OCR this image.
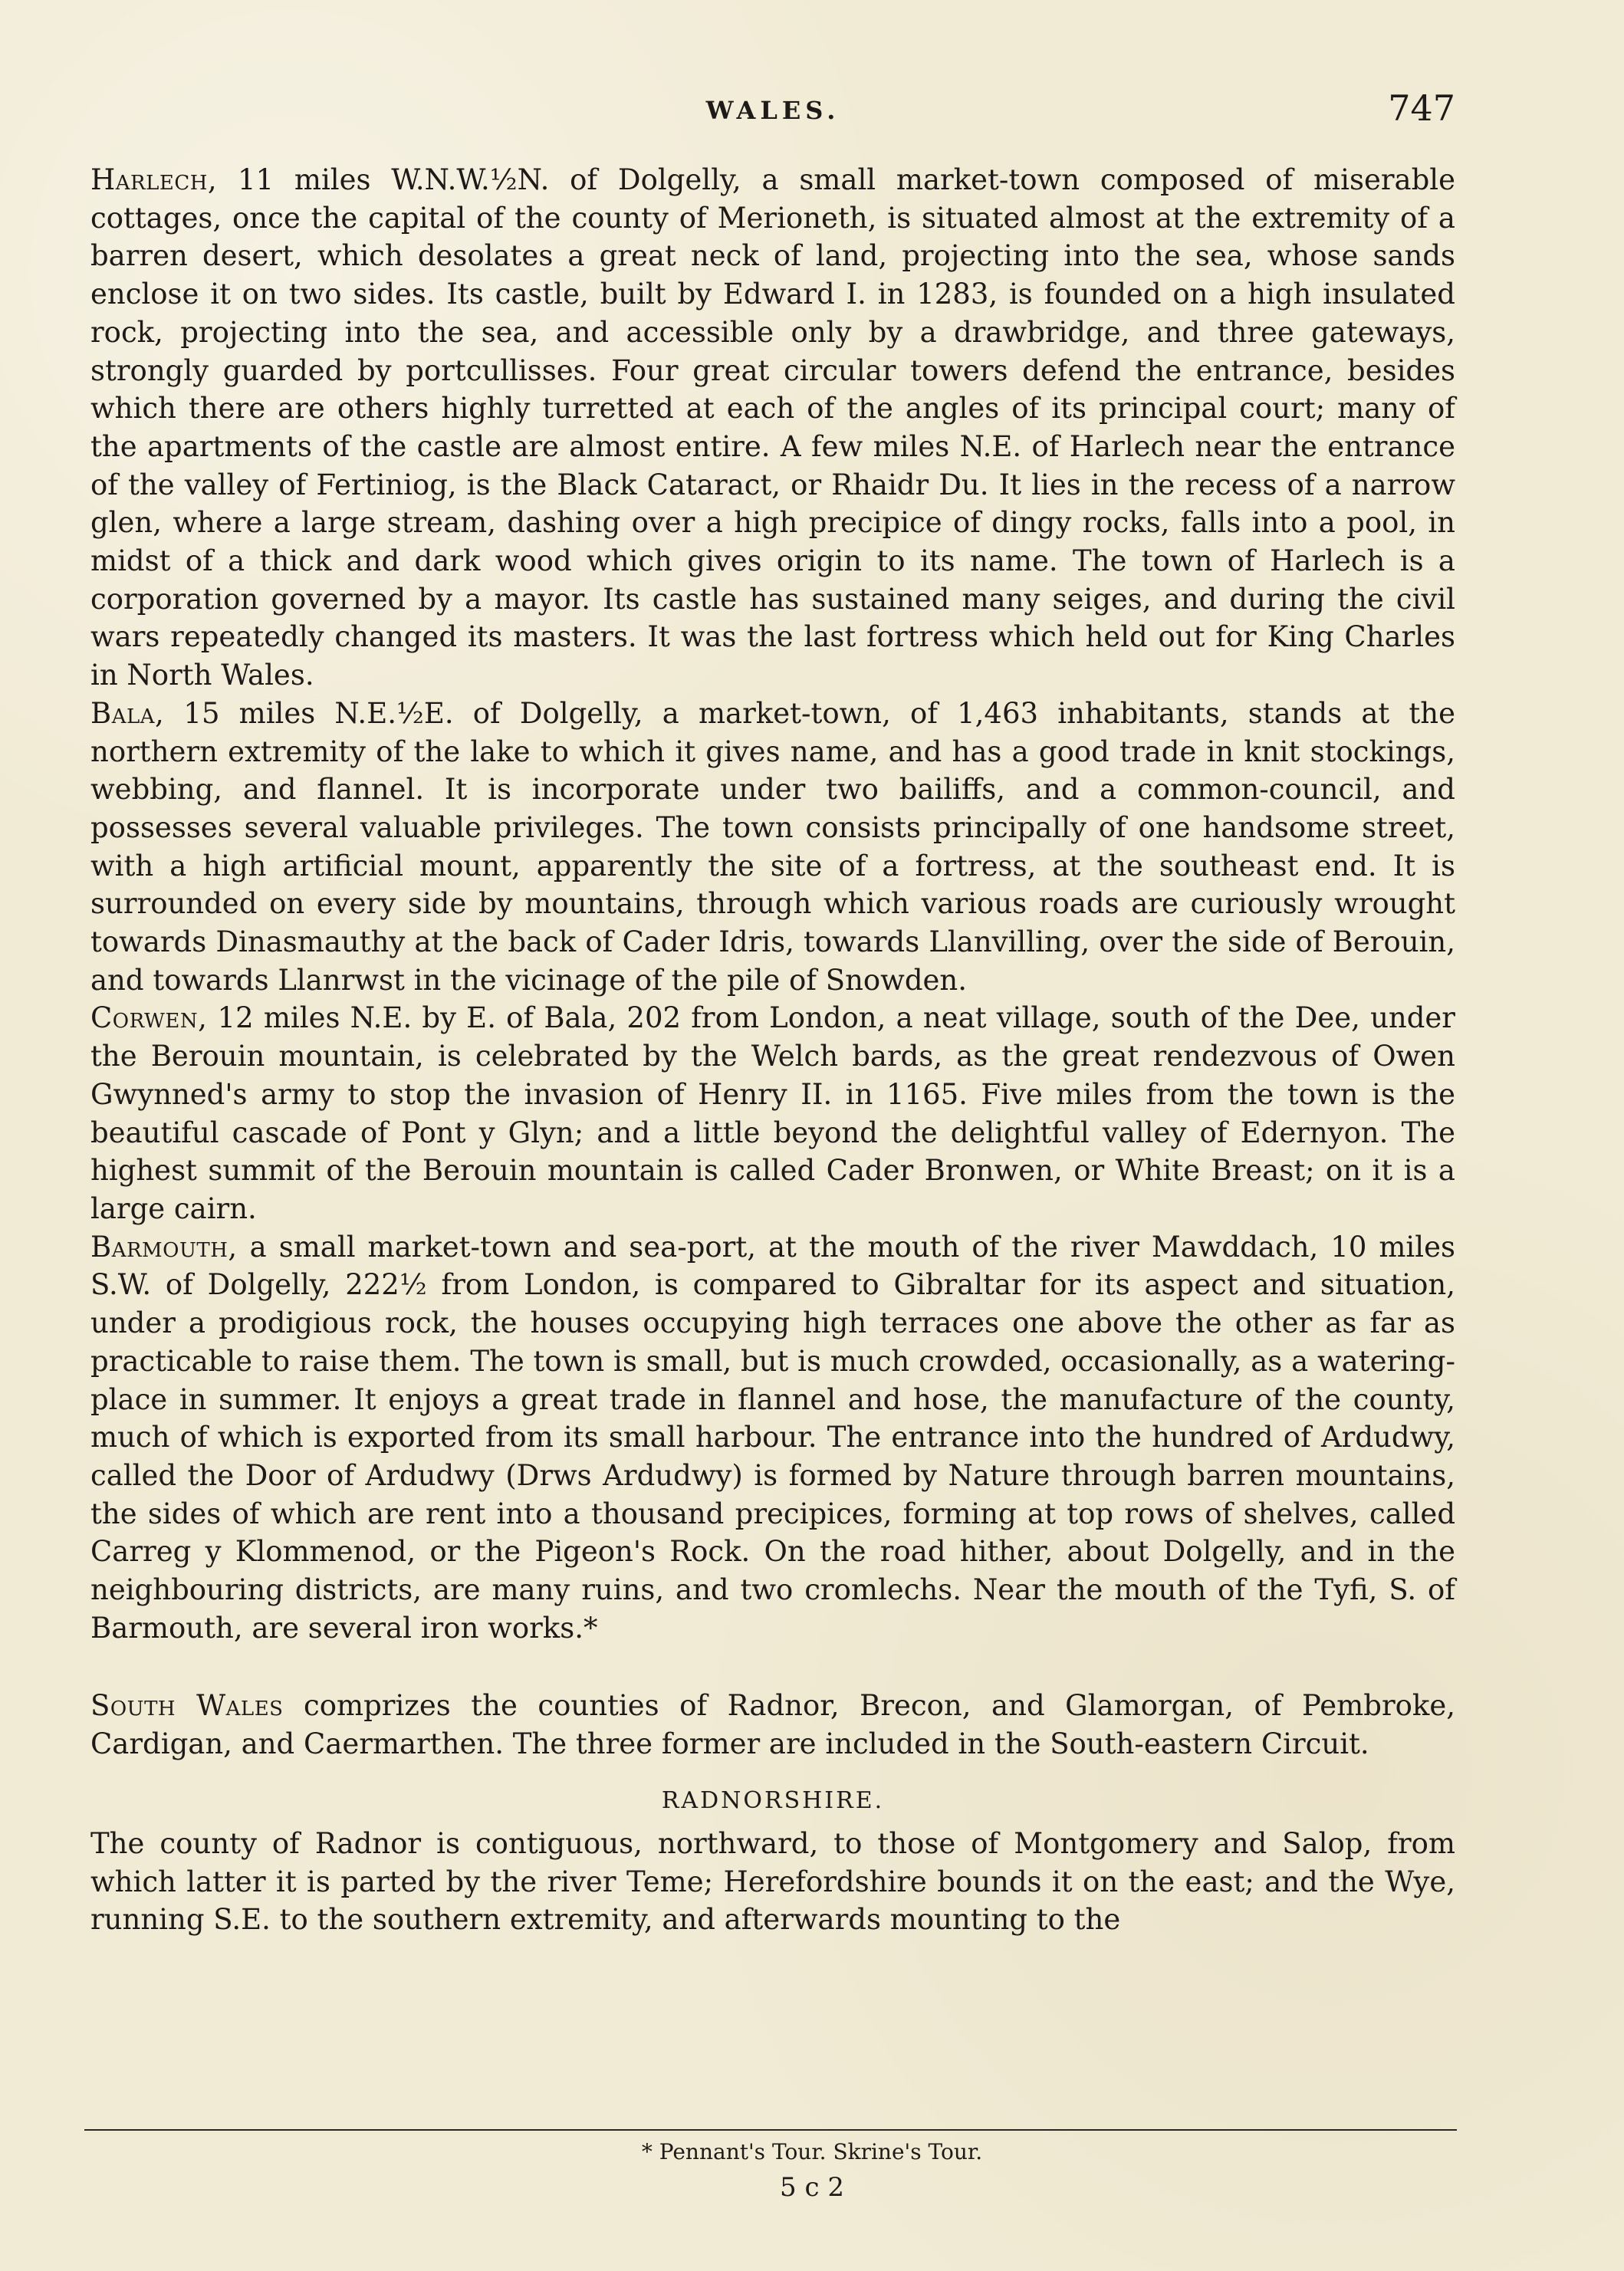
WALES.	747

Harlech, 11 miles W.N.W.½N. of Dolgelly, a small market-town composed of miserable cottages, once the capital of the county of Merioneth, is situated almost at the extremity of a barren desert, which desolates a great neck of land, projecting into the sea, whose sands enclose it on two sides. Its castle, built by Edward I. in 1283, is founded on a high insulated rock, projecting into the sea, and accessible only by a drawbridge, and three gateways, strongly guarded by portcullisses. Four great circular towers defend the entrance, besides which there are others highly turretted at each of the angles of its principal court; many of the apartments of the castle are almost entire. A few miles N.E. of Harlech near the entrance of the valley of Fertiniog, is the Black Cataract, or Rhaidr Du. It lies in the recess of a narrow glen, where a large stream, dashing over a high precipice of dingy rocks, falls into a pool, in midst of a thick and dark wood which gives origin to its name. The town of Harlech is a corporation governed by a mayor. Its castle has sustained many seiges, and during the civil wars repeatedly changed its masters. It was the last fortress which held out for King Charles in North Wales.

Bala, 15 miles N.E.½E. of Dolgelly, a market-town, of 1,463 inhabitants, stands at the northern extremity of the lake to which it gives name, and has a good trade in knit stockings, webbing, and flannel. It is incorporate under two bailiffs, and a common-council, and possesses several valuable privileges. The town consists principally of one handsome street, with a high artificial mount, apparently the site of a fortress, at the southeast end. It is surrounded on every side by mountains, through which various roads are curiously wrought towards Dinasmauthy at the back of Cader Idris, towards Llanvilling, over the side of Berouin, and towards Llanrwst in the vicinage of the pile of Snowden.

Corwen, 12 miles N.E. by E. of Bala, 202 from London, a neat village, south of the Dee, under the Berouin mountain, is celebrated by the Welch bards, as the great rendezvous of Owen Gwynned's army to stop the invasion of Henry II. in 1165. Five miles from the town is the beautiful cascade of Pont y Glyn; and a little beyond the delightful valley of Edernyon. The highest summit of the Berouin mountain is called Cader Bronwen, or White Breast; on it is a large cairn.

Barmouth, a small market-town and sea-port, at the mouth of the river Mawddach, 10 miles S.W. of Dolgelly, 222½ from London, is compared to Gibraltar for its aspect and situation, under a prodigious rock, the houses occupying high terraces one above the other as far as practicable to raise them. The town is small, but is much crowded, occasionally, as a watering-place in summer. It enjoys a great trade in flannel and hose, the manufacture of the county, much of which is exported from its small harbour. The entrance into the hundred of Ardudwy, called the Door of Ardudwy (Drws Ardudwy) is formed by Nature through barren mountains, the sides of which are rent into a thousand precipices, forming at top rows of shelves, called Carreg y Klommenod, or the Pigeon's Rock. On the road hither, about Dolgelly, and in the neighbouring districts, are many ruins, and two cromlechs. Near the mouth of the Tyfi, S. of Barmouth, are several iron works.*

South Wales comprizes the counties of Radnor, Brecon, and Glamorgan, of Pembroke, Cardigan, and Caermarthen. The three former are included in the South-eastern Circuit.

RADNORSHIRE.

The county of Radnor is contiguous, northward, to those of Montgomery and Salop, from which latter it is parted by the river Teme; Herefordshire bounds it on the east; and the Wye, running S.E. to the southern extremity, and afterwards mounting to the

* Pennant's Tour. Skrine's Tour.
5 c 2
